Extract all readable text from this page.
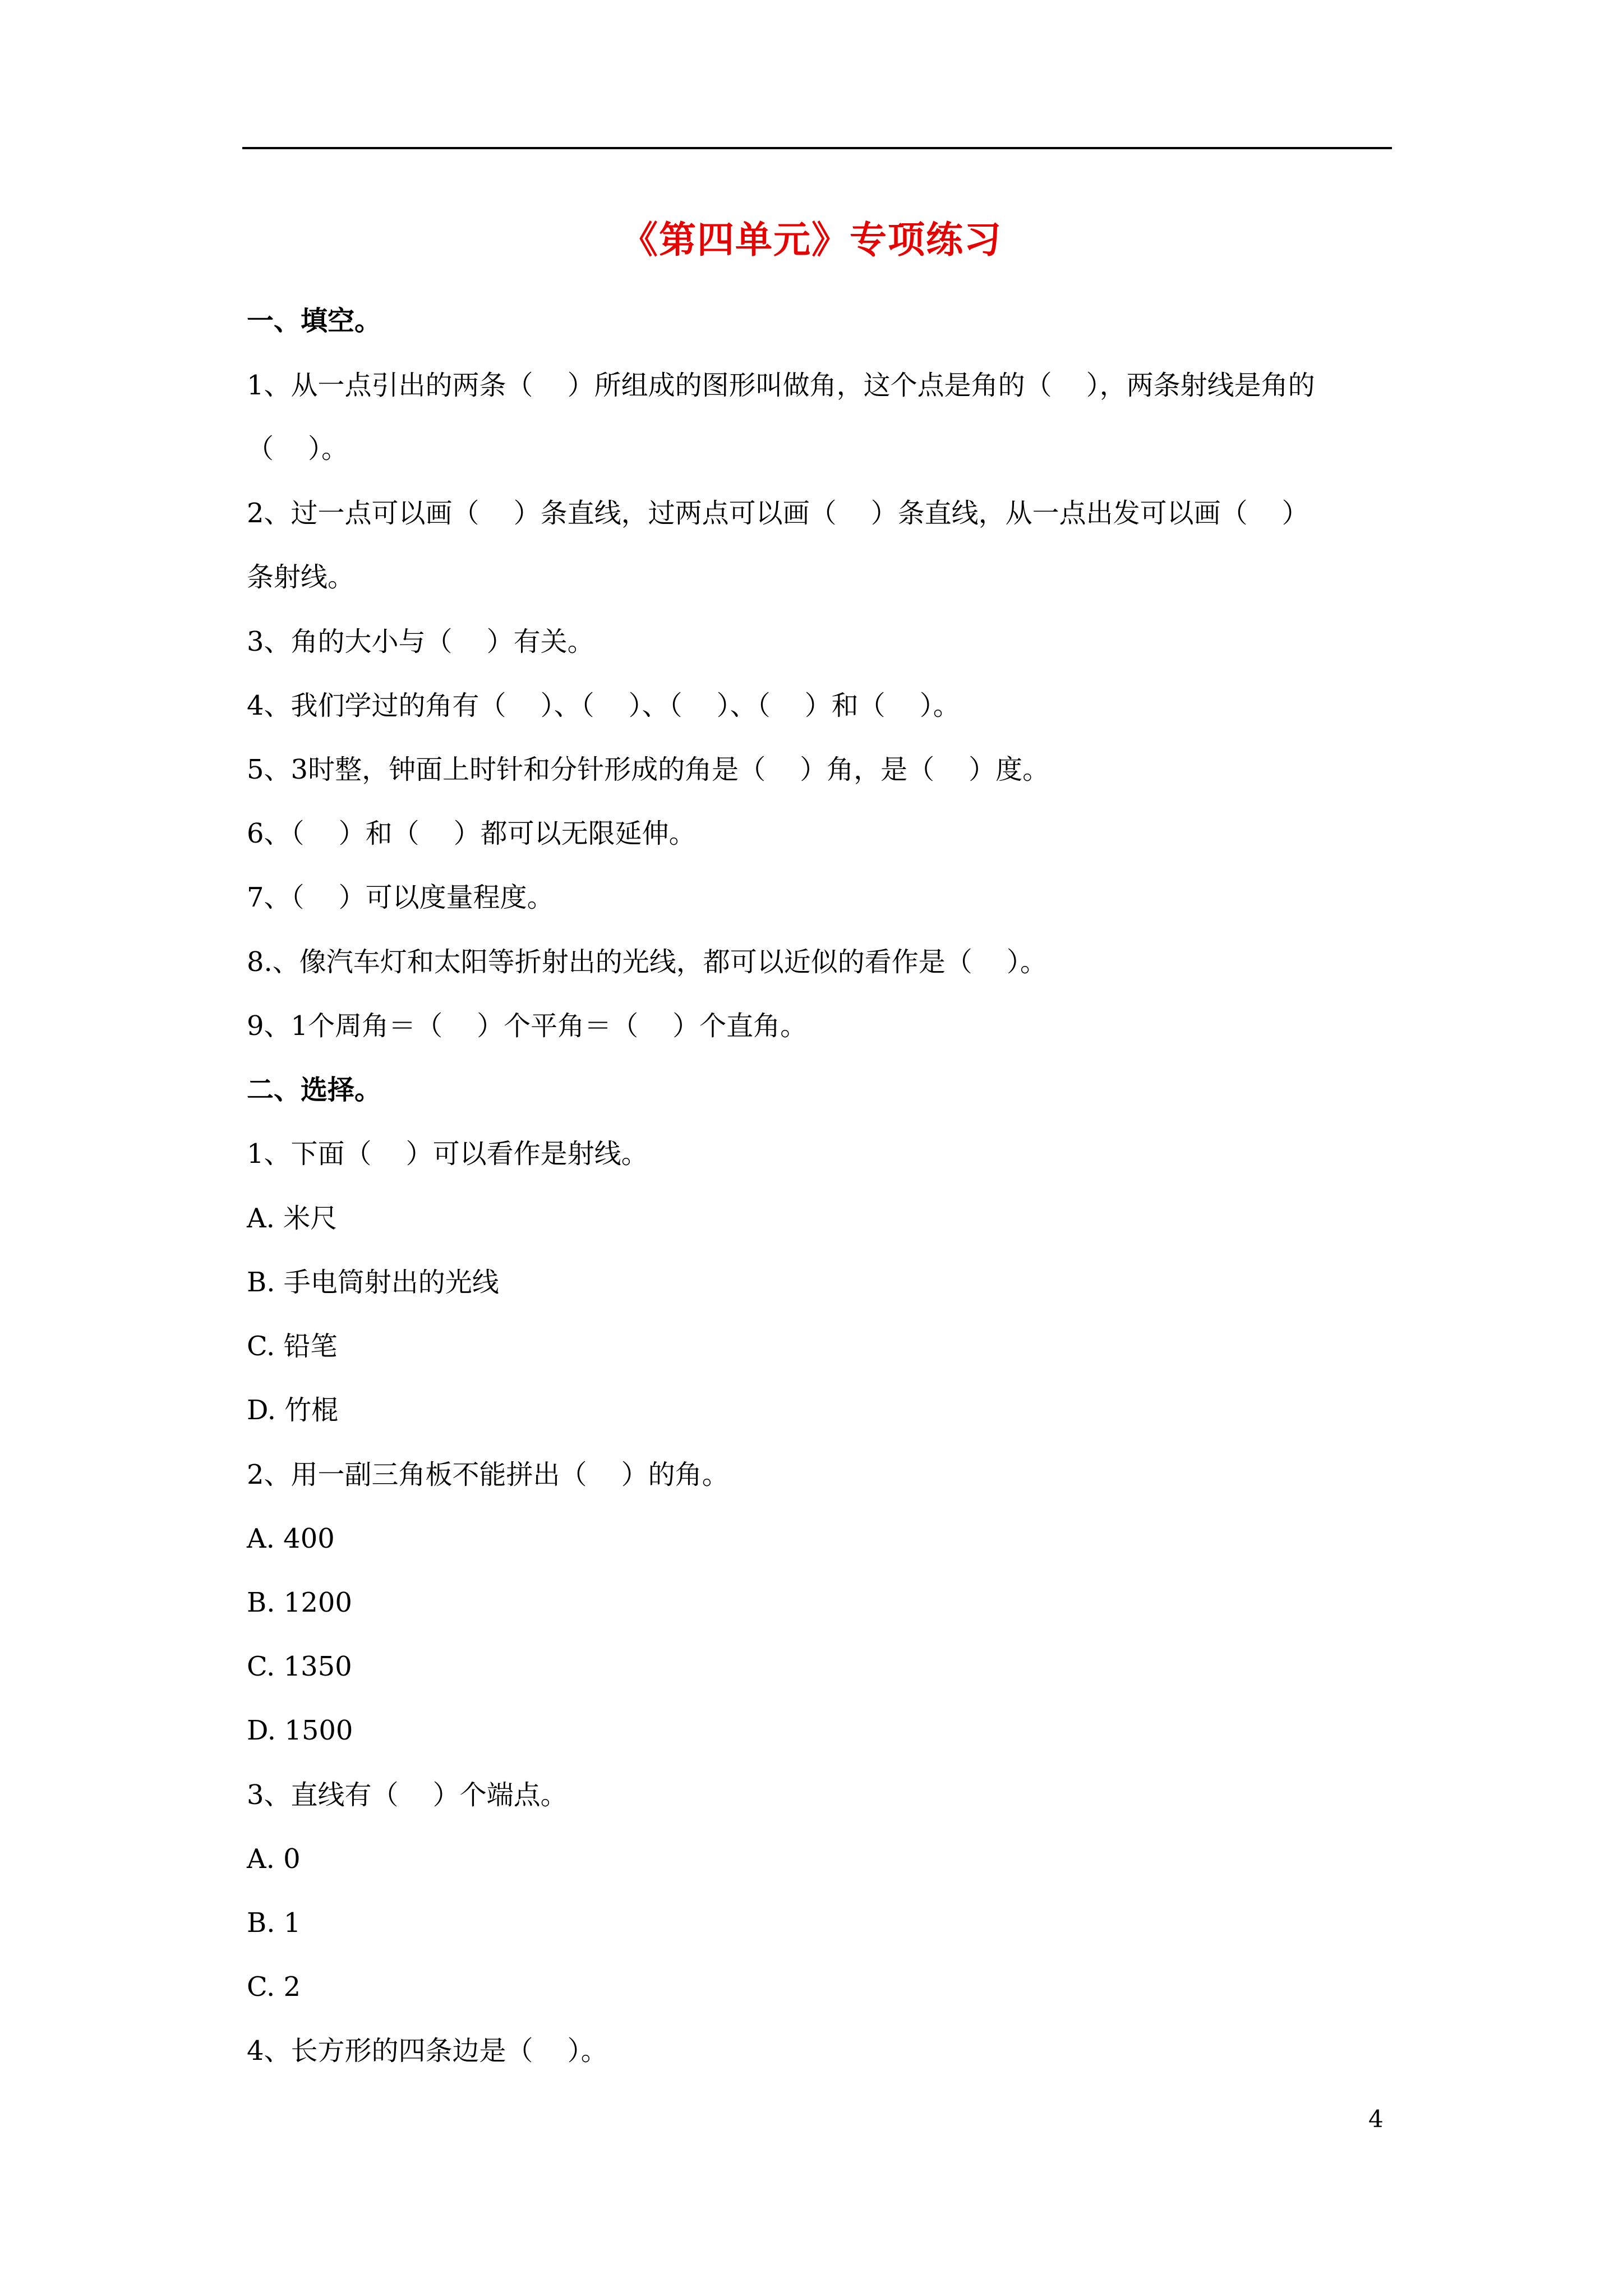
《第四单元》专项练习
一、填空。
1、从一点引出的两条（    ）所组成的图形叫做角，这个点是角的（    ），两条射线是角的
（    ）。
2、过一点可以画（    ）条直线，过两点可以画（    ）条直线，从一点出发可以画（    ）
条射线。
3、角的大小与（    ）有关。
4、我们学过的角有（    ）、（    ）、（    ）、（    ）和（    ）。
5、3时整，钟面上时针和分针形成的角是（    ）角，是（    ）度。
6、（    ）和（    ）都可以无限延伸。
7、（    ）可以度量程度。
8.、像汽车灯和太阳等折射出的光线，都可以近似的看作是（    ）。
9、1个周角＝（    ）个平角＝（    ）个直角。
二、选择。
1、下面（    ）可以看作是射线。
A. 米尺
B. 手电筒射出的光线
C. 铅笔
D. 竹棍
2、用一副三角板不能拼出（    ）的角。
A. 400
B. 1200
C. 1350
D. 1500
3、直线有（    ）个端点。
A. 0
B. 1
C. 2
4、长方形的四条边是（    ）。
4
